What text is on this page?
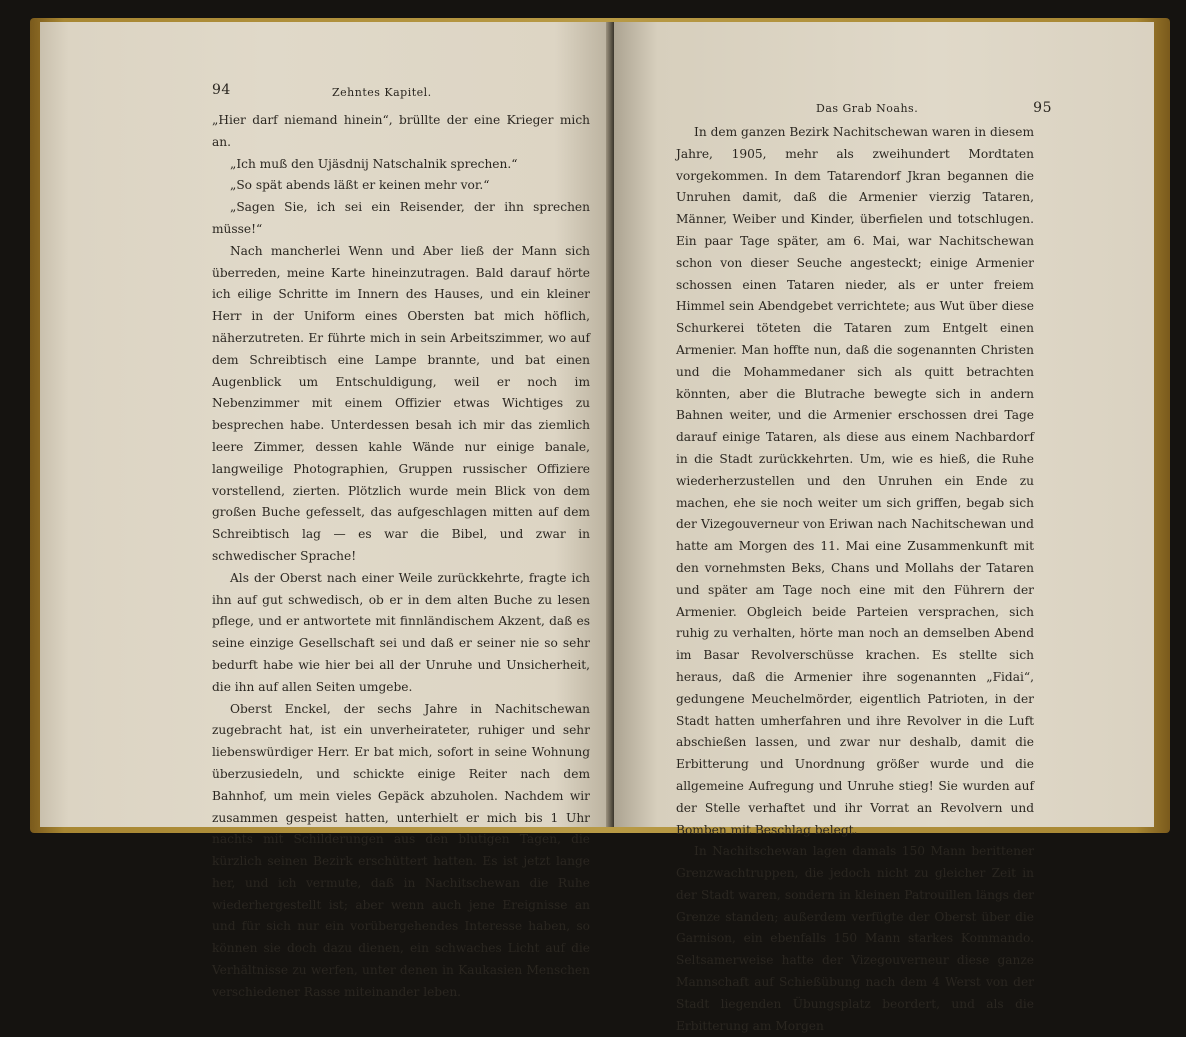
94	Zehntes Kapitel.

„Hier darf niemand hinein“, brüllte der eine Krieger mich an.

„Ich muß den Ujäsdnij Natschalnik sprechen.“

„So spät abends läßt er keinen mehr vor.“

„Sagen Sie, ich sei ein Reisender, der ihn sprechen müsse!“

Nach mancherlei Wenn und Aber ließ der Mann sich überreden, meine Karte hineinzutragen. Bald darauf hörte ich eilige Schritte im Innern des Hauses, und ein kleiner Herr in der Uniform eines Obersten bat mich höflich, näherzutreten. Er führte mich in sein Arbeitszimmer, wo auf dem Schreibtisch eine Lampe brannte, und bat einen Augenblick um Entschuldigung, weil er noch im Nebenzimmer mit einem Offizier etwas Wichtiges zu besprechen habe. Unterdessen besah ich mir das ziemlich leere Zimmer, dessen kahle Wände nur einige banale, langweilige Photographien, Gruppen russischer Offiziere vorstellend, zierten. Plötzlich wurde mein Blick von dem großen Buche gefesselt, das aufgeschlagen mitten auf dem Schreibtisch lag — es war die Bibel, und zwar in schwedischer Sprache!

Als der Oberst nach einer Weile zurückkehrte, fragte ich ihn auf gut schwedisch, ob er in dem alten Buche zu lesen pflege, und er antwortete mit finnländischem Akzent, daß es seine einzige Gesellschaft sei und daß er seiner nie so sehr bedurft habe wie hier bei all der Unruhe und Unsicherheit, die ihn auf allen Seiten umgebe.

Oberst Enckel, der sechs Jahre in Nachitschewan zugebracht hat, ist ein unverheirateter, ruhiger und sehr liebenswürdiger Herr. Er bat mich, sofort in seine Wohnung überzusiedeln, und schickte einige Reiter nach dem Bahnhof, um mein vieles Gepäck abzuholen. Nachdem wir zusammen gespeist hatten, unterhielt er mich bis 1 Uhr nachts mit Schilderungen aus den blutigen Tagen, die kürzlich seinen Bezirk erschüttert hatten. Es ist jetzt lange her, und ich vermute, daß in Nachitschewan die Ruhe wiederhergestellt ist; aber wenn auch jene Ereignisse an und für sich nur ein vorübergehendes Interesse haben, so können sie doch dazu dienen, ein schwaches Licht auf die Verhältnisse zu werfen, unter denen in Kaukasien Menschen verschiedener Rasse miteinander leben.

Das Grab Noahs.	95

In dem ganzen Bezirk Nachitschewan waren in diesem Jahre, 1905, mehr als zweihundert Mordtaten vorgekommen. In dem Tatarendorf Jkran begannen die Unruhen damit, daß die Armenier vierzig Tataren, Männer, Weiber und Kinder, überfielen und totschlugen. Ein paar Tage später, am 6. Mai, war Nachitschewan schon von dieser Seuche angesteckt; einige Armenier schossen einen Tataren nieder, als er unter freiem Himmel sein Abendgebet verrichtete; aus Wut über diese Schurkerei töteten die Tataren zum Entgelt einen Armenier. Man hoffte nun, daß die sogenannten Christen und die Mohammedaner sich als quitt betrachten könnten, aber die Blutrache bewegte sich in andern Bahnen weiter, und die Armenier erschossen drei Tage darauf einige Tataren, als diese aus einem Nachbardorf in die Stadt zurückkehrten. Um, wie es hieß, die Ruhe wiederherzustellen und den Unruhen ein Ende zu machen, ehe sie noch weiter um sich griffen, begab sich der Vizegouverneur von Eriwan nach Nachitschewan und hatte am Morgen des 11. Mai eine Zusammenkunft mit den vornehmsten Beks, Chans und Mollahs der Tataren und später am Tage noch eine mit den Führern der Armenier. Obgleich beide Parteien versprachen, sich ruhig zu verhalten, hörte man noch an demselben Abend im Basar Revolverschüsse krachen. Es stellte sich heraus, daß die Armenier ihre sogenannten „Fidai“, gedungene Meuchelmörder, eigentlich Patrioten, in der Stadt hatten umherfahren und ihre Revolver in die Luft abschießen lassen, und zwar nur deshalb, damit die Erbitterung und Unordnung größer wurde und die allgemeine Aufregung und Unruhe stieg! Sie wurden auf der Stelle verhaftet und ihr Vorrat an Revolvern und Bomben mit Beschlag belegt.

In Nachitschewan lagen damals 150 Mann berittener Grenzwachtruppen, die jedoch nicht zu gleicher Zeit in der Stadt waren, sondern in kleinen Patrouillen längs der Grenze standen; außerdem verfügte der Oberst über die Garnison, ein ebenfalls 150 Mann starkes Kommando. Seltsamerweise hatte der Vizegouverneur diese ganze Mannschaft auf Schießübung nach dem 4 Werst von der Stadt liegenden Übungsplatz beordert, und als die Erbitterung am Morgen
